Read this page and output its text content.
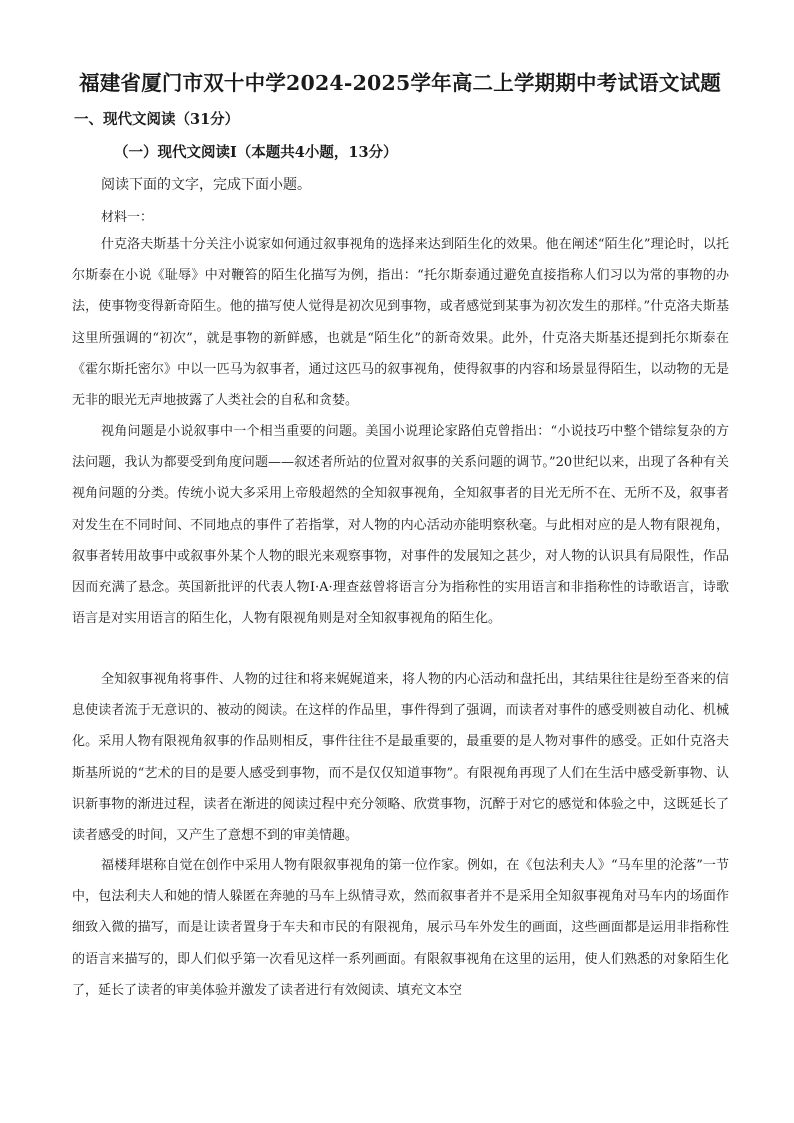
福建省厦门市双十中学2024-2025学年高二上学期期中考试语文试题
一、现代文阅读（31分）
（一）现代文阅读Ⅰ（本题共4小题，13分）
阅读下面的文字，完成下面小题。
材料一：

什克洛夫斯基十分关注小说家如何通过叙事视角的选择来达到陌生化的效果。他在阐述“陌生化”理论时，以托尔斯泰在小说《耻辱》中对鞭笞的陌生化描写为例，指出：“托尔斯泰通过避免直接指称人们习以为常的事物的办法，使事物变得新奇陌生。他的描写使人觉得是初次见到事物，或者感觉到某事为初次发生的那样。”什克洛夫斯基这里所强调的“初次”，就是事物的新鲜感，也就是“陌生化”的新奇效果。此外，什克洛夫斯基还提到托尔斯泰在《霍尔斯托密尔》中以一匹马为叙事者，通过这匹马的叙事视角，使得叙事的内容和场景显得陌生，以动物的无是无非的眼光无声地披露了人类社会的自私和贪婪。

视角问题是小说叙事中一个相当重要的问题。美国小说理论家路伯克曾指出：“小说技巧中整个错综复杂的方法问题，我认为都要受到角度问题——叙述者所站的位置对叙事的关系问题的调节。”20世纪以来，出现了各种有关视角问题的分类。传统小说大多采用上帝般超然的全知叙事视角，全知叙事者的目光无所不在、无所不及，叙事者对发生在不同时间、不同地点的事件了若指掌，对人物的内心活动亦能明察秋毫。与此相对应的是人物有限视角，叙事者转用故事中或叙事外某个人物的眼光来观察事物，对事件的发展知之甚少，对人物的认识具有局限性，作品因而充满了悬念。英国新批评的代表人物I·A·理查兹曾将语言分为指称性的实用语言和非指称性的诗歌语言，诗歌语言是对实用语言的陌生化，人物有限视角则是对全知叙事视角的陌生化。

全知叙事视角将事件、人物的过往和将来娓娓道来，将人物的内心活动和盘托出，其结果往往是纷至沓来的信息使读者流于无意识的、被动的阅读。在这样的作品里，事件得到了强调，而读者对事件的感受则被自动化、机械化。采用人物有限视角叙事的作品则相反，事件往往不是最重要的，最重要的是人物对事件的感受。正如什克洛夫斯基所说的“艺术的目的是要人感受到事物，而不是仅仅知道事物”。有限视角再现了人们在生活中感受新事物、认识新事物的渐进过程，读者在渐进的阅读过程中充分领略、欣赏事物，沉醉于对它的感觉和体验之中，这既延长了读者感受的时间，又产生了意想不到的审美情趣。

福楼拜堪称自觉在创作中采用人物有限叙事视角的第一位作家。例如，在《包法利夫人》“马车里的沦落”一节中，包法利夫人和她的情人躲匿在奔驰的马车上纵情寻欢，然而叙事者并不是采用全知叙事视角对马车内的场面作细致入微的描写，而是让读者置身于车夫和市民的有限视角，展示马车外发生的画面，这些画面都是运用非指称性的语言来描写的，即人们似乎第一次看见这样一系列画面。有限叙事视角在这里的运用，使人们熟悉的对象陌生化了，延长了读者的审美体验并激发了读者进行有效阅读、填充文本空
